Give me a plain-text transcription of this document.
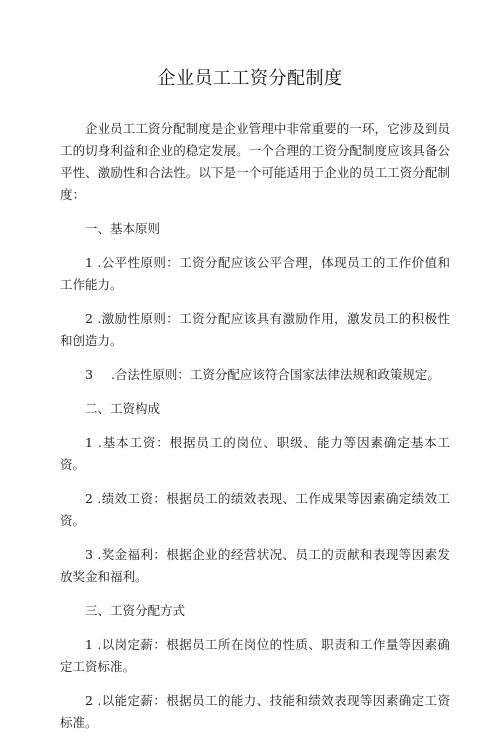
企业员工工资分配制度

企业员工工资分配制度是企业管理中非常重要的一环，它涉及到员工的切身利益和企业的稳定发展。一个合理的工资分配制度应该具备公平性、激励性和合法性。以下是一个可能适用于企业的员工工资分配制度：

一、基本原则

1 .公平性原则：工资分配应该公平合理，体现员工的工作价值和工作能力。

2 .激励性原则：工资分配应该具有激励作用，激发员工的积极性和创造力。

3 .合法性原则：工资分配应该符合国家法律法规和政策规定。

二、工资构成

1 .基本工资：根据员工的岗位、职级、能力等因素确定基本工资。

2 .绩效工资：根据员工的绩效表现、工作成果等因素确定绩效工资。

3 .奖金福利：根据企业的经营状况、员工的贡献和表现等因素发放奖金和福利。

三、工资分配方式

1 .以岗定薪：根据员工所在岗位的性质、职责和工作量等因素确定工资标准。

2 .以能定薪：根据员工的能力、技能和绩效表现等因素确定工资标准。
